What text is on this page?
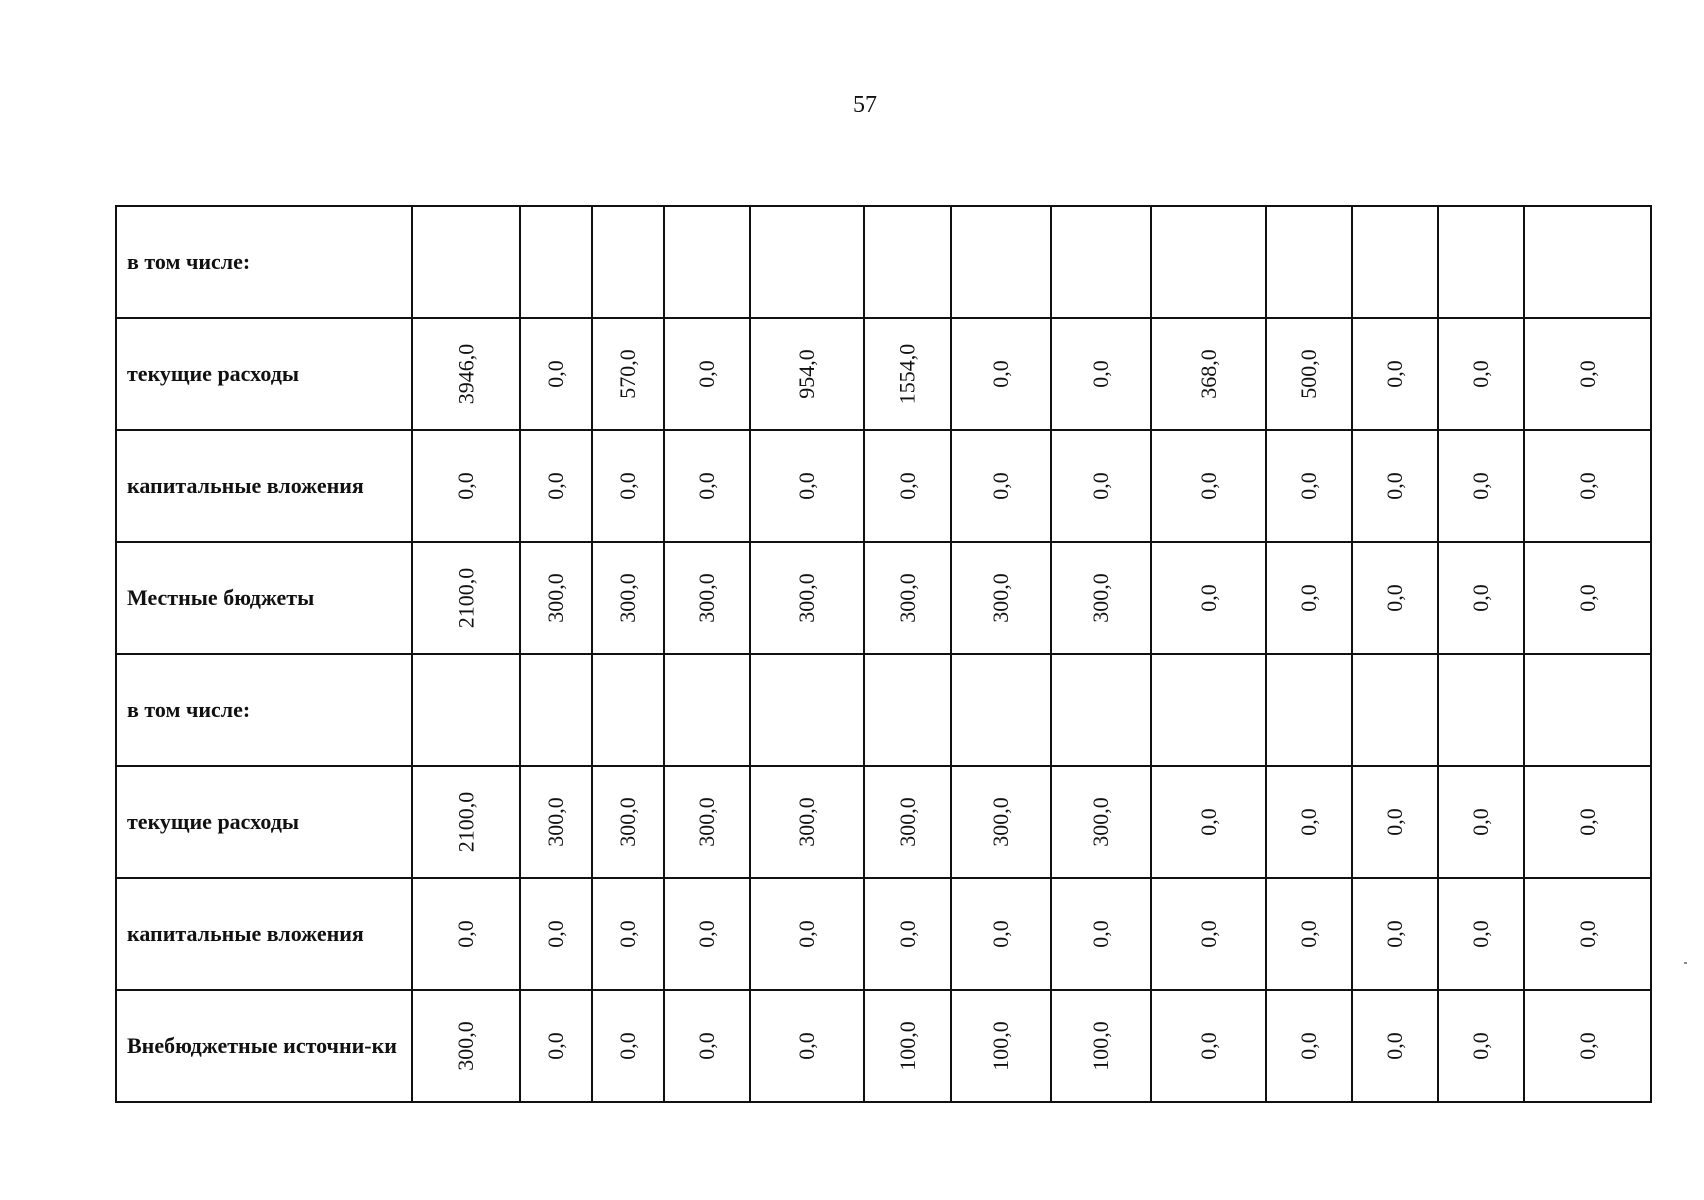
57
в том числе:													
текущие расходы	3946,0	0,0	570,0	0,0	954,0	1554,0	0,0	0,0	368,0	500,0	0,0	0,0	0,0
капитальные вложения	0,0	0,0	0,0	0,0	0,0	0,0	0,0	0,0	0,0	0,0	0,0	0,0	0,0
Местные бюджеты	2100,0	300,0	300,0	300,0	300,0	300,0	300,0	300,0	0,0	0,0	0,0	0,0	0,0
в том числе:													
текущие расходы	2100,0	300,0	300,0	300,0	300,0	300,0	300,0	300,0	0,0	0,0	0,0	0,0	0,0
капитальные вложения	0,0	0,0	0,0	0,0	0,0	0,0	0,0	0,0	0,0	0,0	0,0	0,0	0,0
Внебюджетные источни-ки	300,0	0,0	0,0	0,0	0,0	100,0	100,0	100,0	0,0	0,0	0,0	0,0	0,0
